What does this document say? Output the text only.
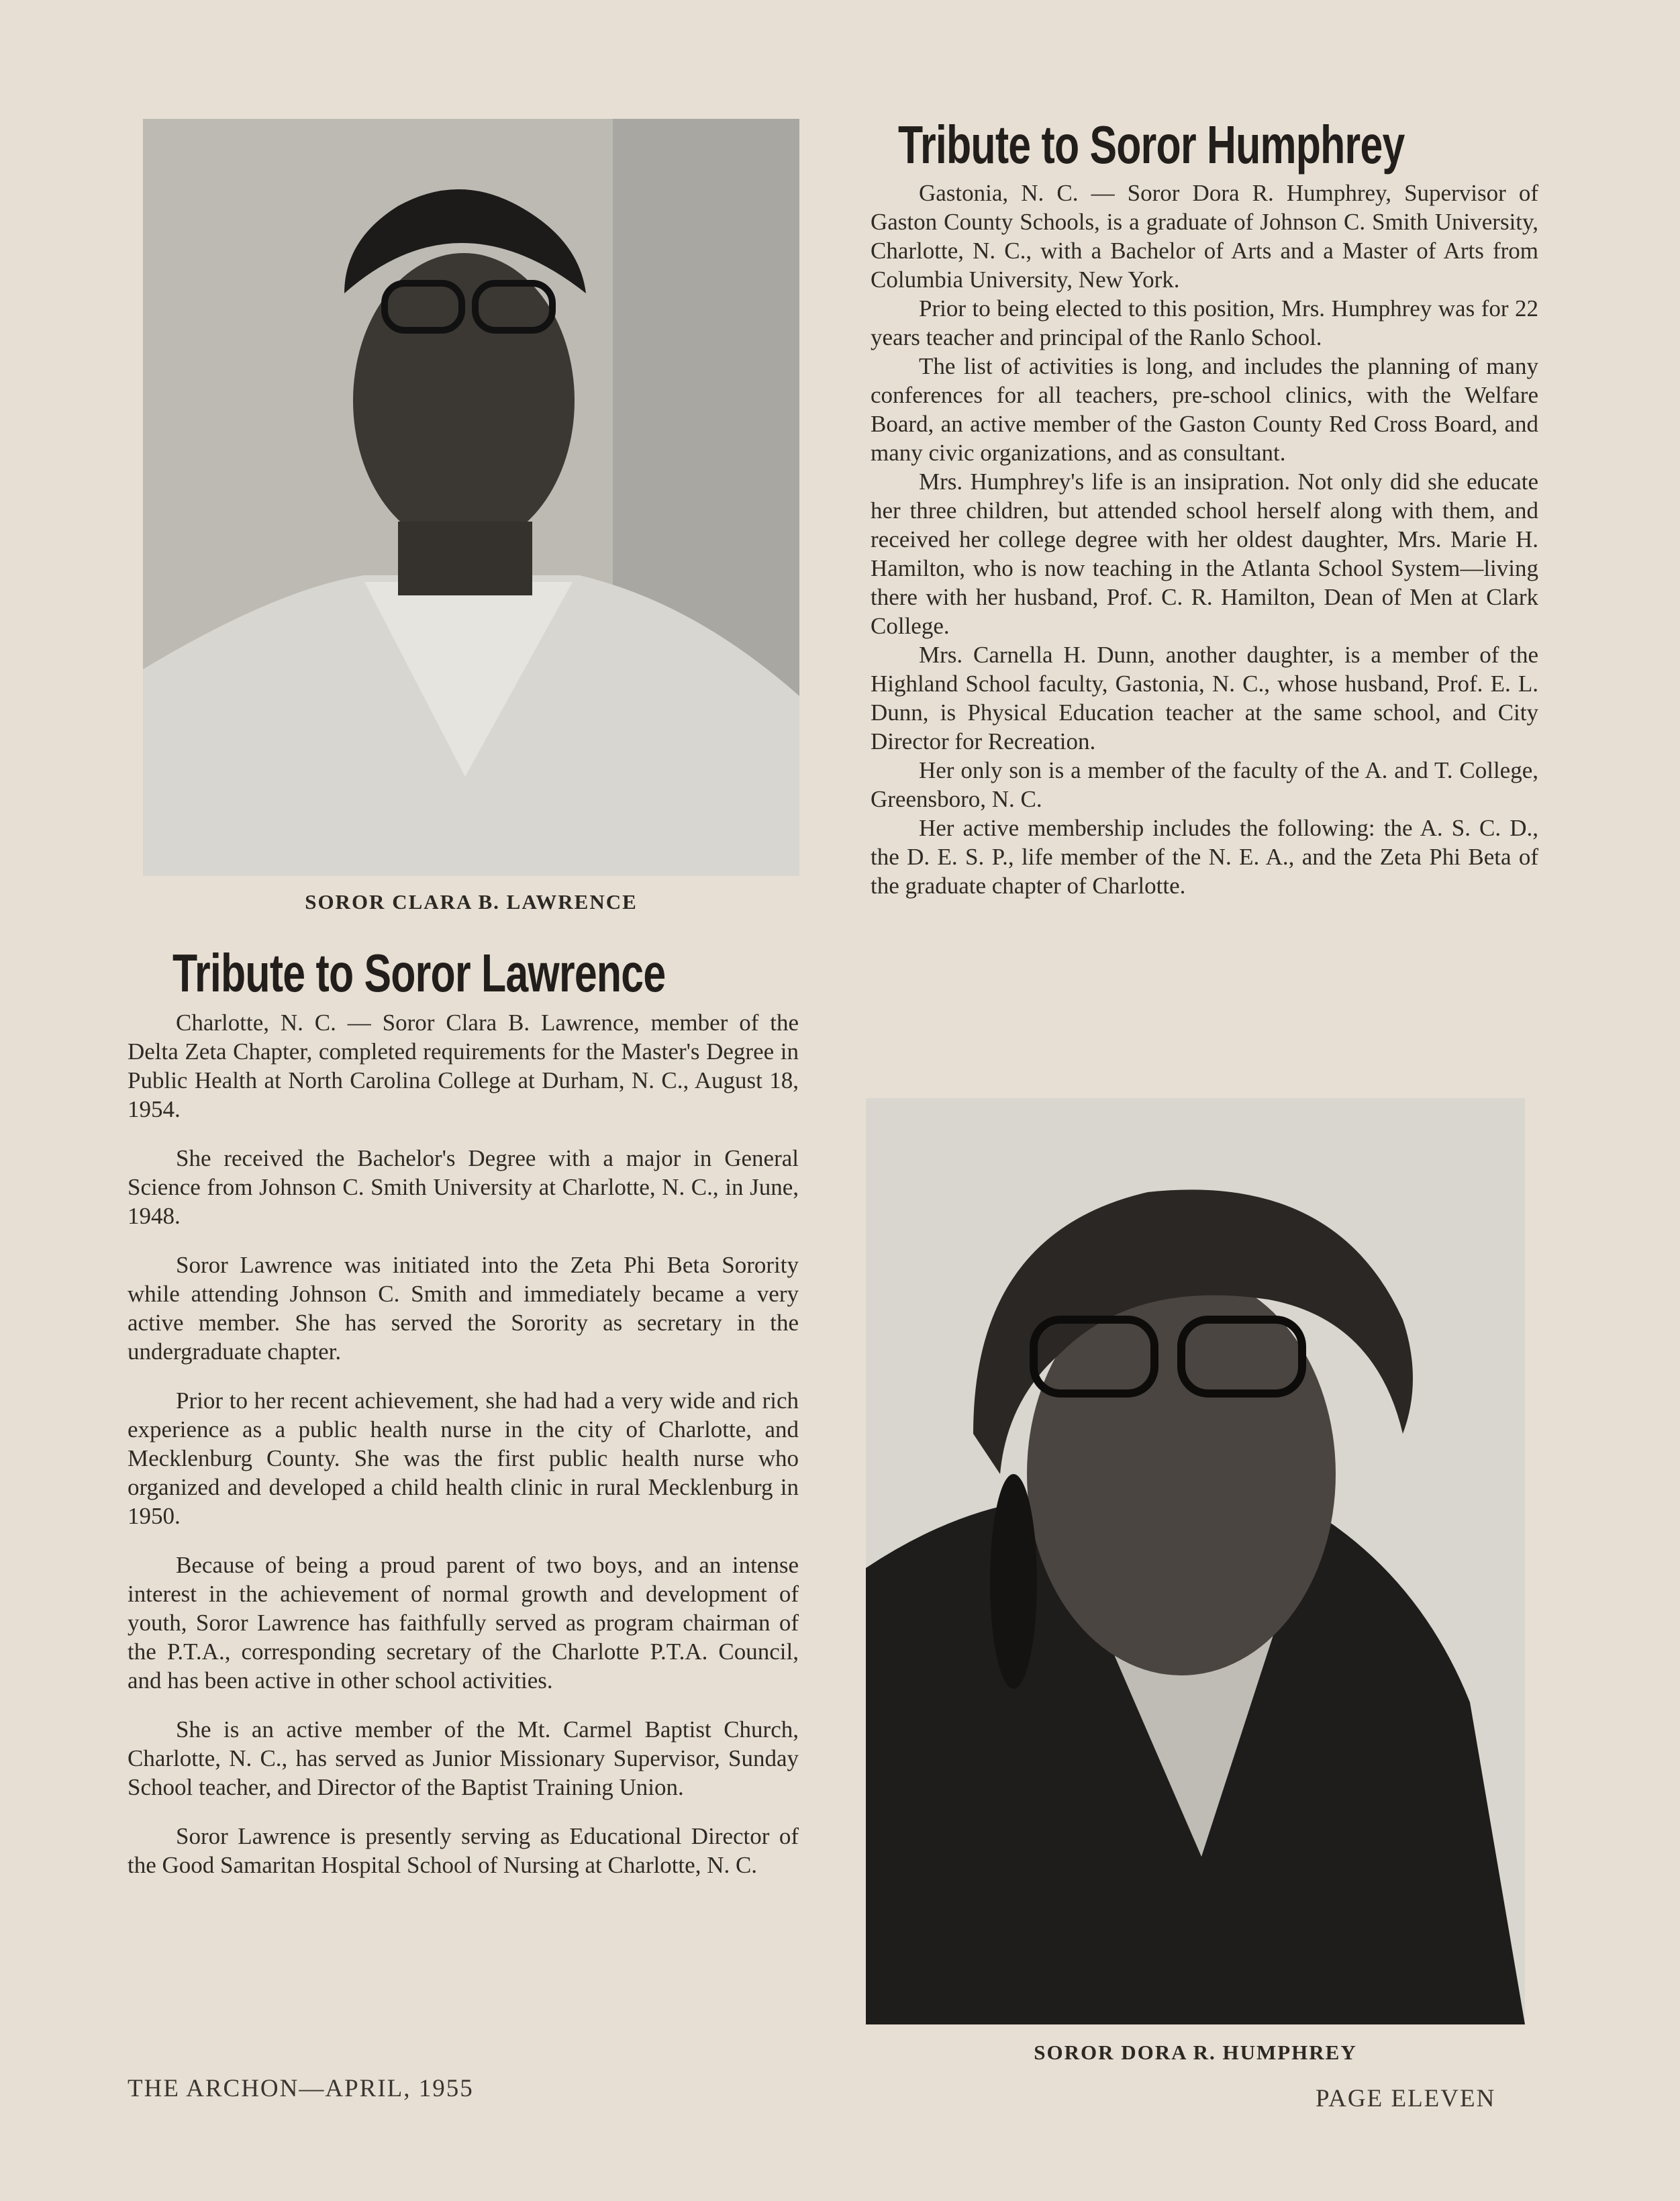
SOROR CLARA B. LAWRENCE
Tribute to Soror Lawrence

Charlotte, N. C. — Soror Clara B. Lawrence, member of the Delta Zeta Chapter, completed requirements for the Master's Degree in Public Health at North Carolina College at Durham, N. C., August 18, 1954.

She received the Bachelor's Degree with a major in General Science from Johnson C. Smith University at Charlotte, N. C., in June, 1948.

Soror Lawrence was initiated into the Zeta Phi Beta Sorority while attending Johnson C. Smith and immediately became a very active member. She has served the Sorority as secretary in the undergraduate chapter.

Prior to her recent achievement, she had had a very wide and rich experience as a public health nurse in the city of Charlotte, and Mecklenburg County. She was the first public health nurse who organized and developed a child health clinic in rural Mecklenburg in 1950.

Because of being a proud parent of two boys, and an intense interest in the achievement of normal growth and development of youth, Soror Lawrence has faithfully served as program chairman of the P.T.A., corresponding secretary of the Charlotte P.T.A. Council, and has been active in other school activities.

She is an active member of the Mt. Carmel Baptist Church, Charlotte, N. C., has served as Junior Missionary Supervisor, Sunday School teacher, and Director of the Baptist Training Union.

Soror Lawrence is presently serving as Educational Director of the Good Samaritan Hospital School of Nursing at Charlotte, N. C.

Tribute to Soror Humphrey

Gastonia, N. C. — Soror Dora R. Humphrey, Supervisor of Gaston County Schools, is a graduate of Johnson C. Smith University, Charlotte, N. C., with a Bachelor of Arts and a Master of Arts from Columbia University, New York.

Prior to being elected to this position, Mrs. Humphrey was for 22 years teacher and principal of the Ranlo School.

The list of activities is long, and includes the planning of many conferences for all teachers, pre-school clinics, with the Welfare Board, an active member of the Gaston County Red Cross Board, and many civic organizations, and as consultant.

Mrs. Humphrey's life is an insipration. Not only did she educate her three children, but attended school herself along with them, and received her college degree with her oldest daughter, Mrs. Marie H. Hamilton, who is now teaching in the Atlanta School System—living there with her husband, Prof. C. R. Hamilton, Dean of Men at Clark College.

Mrs. Carnella H. Dunn, another daughter, is a member of the Highland School faculty, Gastonia, N. C., whose husband, Prof. E. L. Dunn, is Physical Education teacher at the same school, and City Director for Recreation.

Her only son is a member of the faculty of the A. and T. College, Greensboro, N. C.

Her active membership includes the following: the A. S. C. D., the D. E. S. P., life member of the N. E. A., and the Zeta Phi Beta of the graduate chapter of Charlotte.

SOROR DORA R. HUMPHREY
THE ARCHON—APRIL, 1955	PAGE ELEVEN
